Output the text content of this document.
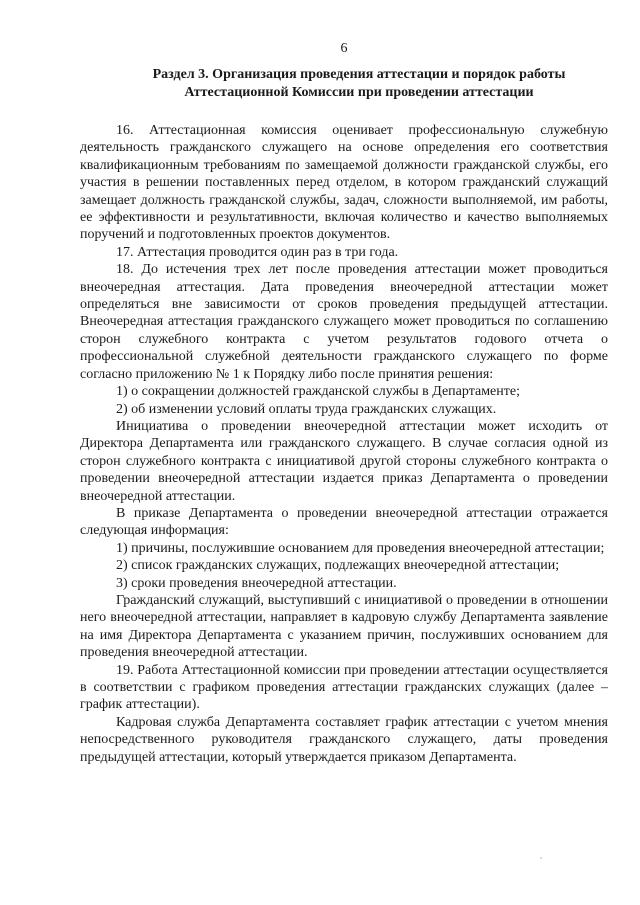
6
Раздел 3. Организация проведения аттестации и порядок работы
Аттестационной Комиссии при проведении аттестации

16. Аттестационная комиссия оценивает профессиональную служебную деятельность гражданского служащего на основе определения его соответствия квалификационным требованиям по замещаемой должности гражданской службы, его участия в решении поставленных перед отделом, в котором гражданский служащий замещает должность гражданской службы, задач, сложности выполняемой, им работы, ее эффективности и результативности, включая количество и качество выполняемых поручений и подготовленных проектов документов.

17. Аттестация проводится один раз в три года.

18. До истечения трех лет после проведения аттестации может проводиться внеочередная аттестация. Дата проведения внеочередной аттестации может определяться вне зависимости от сроков проведения предыдущей аттестации. Внеочередная аттестация гражданского служащего может проводиться по соглашению сторон служебного контракта с учетом результатов годового отчета о профессиональной служебной деятельности гражданского служащего по форме согласно приложению № 1 к Порядку либо после принятия решения:

1) о сокращении должностей гражданской службы в Департаменте;

2) об изменении условий оплаты труда гражданских служащих.

Инициатива о проведении внеочередной аттестации может исходить от Директора Департамента или гражданского служащего. В случае согласия одной из сторон служебного контракта с инициативой другой стороны служебного контракта о проведении внеочередной аттестации издается приказ Департамента о проведении внеочередной аттестации.

В приказе Департамента о проведении внеочередной аттестации отражается следующая информация:

1) причины, послужившие основанием для проведения внеочередной аттестации;

2) список гражданских служащих, подлежащих внеочередной аттестации;

3) сроки проведения внеочередной аттестации.

Гражданский служащий, выступивший с инициативой о проведении в отношении него внеочередной аттестации, направляет в кадровую службу Департамента заявление на имя Директора Департамента с указанием причин, послуживших основанием для проведения внеочередной аттестации.

19. Работа Аттестационной комиссии при проведении аттестации осуществляется в соответствии с графиком проведения аттестации гражданских служащих (далее – график аттестации).

Кадровая служба Департамента составляет график аттестации с учетом мнения непосредственного руководителя гражданского служащего, даты проведения предыдущей аттестации, который утверждается приказом Департамента.
